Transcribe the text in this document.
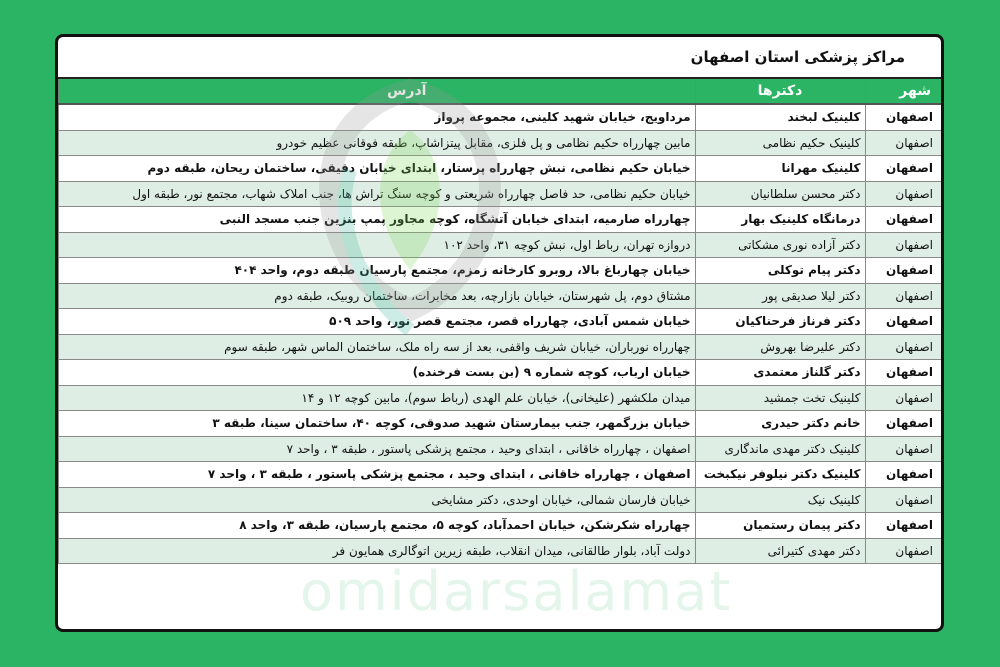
مراکز پزشکی استان اصفهان
شهر	دکترها	آدرس
اصفهان	کلینیک لبخند	مرداویج، خیابان شهید کلینی، مجموعه پرواز
اصفهان	کلینیک حکیم نظامی	مابین چهارراه حکیم نظامی و پل فلزی، مقابل پیتزاشاپ، طبقه فوقانی عظیم خودرو
اصفهان	کلینیک مهرانا	خیابان حکیم نظامی، نبش چهارراه پرستار، ابتدای خیابان دقیقی، ساختمان ریحان، طبقه دوم
اصفهان	دکتر محسن سلطانیان	خیابان حکیم نظامی، حد فاصل چهارراه شریعتی و کوچه سنگ تراش ها، جنب املاک شهاب، مجتمع نور، طبقه اول
اصفهان	درمانگاه کلینیک بهار	چهارراه صارمیه، ابتدای خیابان آتشگاه، کوچه مجاور پمپ بنزین جنب مسجد النبی
اصفهان	دکتر آزاده نوری مشکاتی	دروازه تهران، رباط اول، نبش کوچه ۳۱، واحد ۱۰۲
اصفهان	دکتر پیام توکلی	خیابان چهارباغ بالا، روبرو کارخانه زمزم، مجتمع پارسیان طبقه دوم، واحد ۴۰۴
اصفهان	دکتر لیلا صدیقی پور	مشتاق دوم، پل شهرستان، خیابان بازارچه، بعد مخابرات، ساختمان روبیک، طبقه دوم
اصفهان	دکتر فرناز فرحناکیان	خیابان شمس آبادی، چهارراه قصر، مجتمع قصر نور، واحد ۵۰۹
اصفهان	دکتر علیرضا بهروش	چهارراه نورباران، خیابان شریف واقفی، بعد از سه راه ملک، ساختمان الماس شهر، طبقه سوم
اصفهان	دکتر گلناز معتمدی	خیابان ارباب، کوچه شماره ۹ (بن بست فرخنده)
اصفهان	کلینیک تخت جمشید	میدان ملکشهر (علیخانی)، خیابان علم الهدی (رباط سوم)، مابین کوچه ۱۲ و ۱۴
اصفهان	خانم دکتر حیدری	خیابان بزرگمهر، جنب بیمارستان شهید صدوقی، کوچه ۴۰، ساختمان سینا، طبقه ۳
اصفهان	کلینیک دکتر مهدی ماندگاری	اصفهان ، چهارراه خاقانی ، ابتدای وحید ، مجتمع پزشکی پاستور ، طبقه ۳ ، واحد ۷
اصفهان	کلینیک دکتر نیلوفر نیکبخت	اصفهان ، چهارراه خاقانی ، ابتدای وحید ، مجتمع پزشکی پاستور ، طبقه ۳ ، واحد ۷
اصفهان	کلینیک نیک	خیابان فارسان شمالی، خیابان اوحدی، دکتر مشایخی
اصفهان	دکتر پیمان رستمیان	چهارراه شکرشکن، خیابان احمدآباد، کوچه ۵، مجتمع پارسیان، طبقه ۳، واحد ۸
اصفهان	دکتر مهدی کتیرائی	دولت آباد، بلوار طالقانی، میدان انقلاب، طبقه زیرین اتوگالری همایون فر
